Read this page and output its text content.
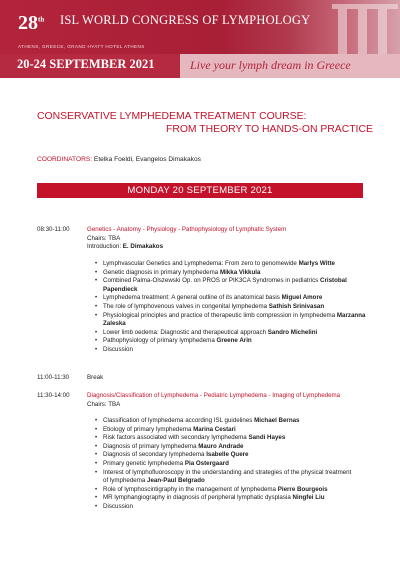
28th ISL WORLD CONGRESS OF LYMPHOLOGY
ATHENS, GREECE, GRAND HYATT HOTEL ATHENS
20-24 SEPTEMBER 2021	Live your lymph dream in Greece
CONSERVATIVE LYMPHEDEMA TREATMENT COURSE:
FROM THEORY TO HANDS-ON PRACTICE
COORDINATORS: Etelka Foeldi, Evangelos Dimakakos
MONDAY 20 SEPTEMBER 2021
08:30-11:00	Genetics - Anatomy - Physiology - Pathophysiology of Lymphatic System
Chairs: TBA
Introduction: E. Dimakakos
• Lymphvascular Genetics and Lymphedema: From zero to genomewide Marlys Witte
• Genetic diagnosis in primary lymphedema Mikka Vikkula
• Combined Palma-Olszewski Op. on PROS or PIK3CA Syndromes in pediatrics Cristobal
Papendieck
• Lymphedema treatment: A general outline of its anatomical basis Miguel Amore
• The role of lymphovenous valves in congenital lymphedema Sathish Srinivasan
• Physiological principles and practice of therapeutic limb compression in lymphedema Marzanna
Zaleska
• Lower limb oedema: Diagnostic and therapeutical approach Sandro Michelini
• Pathophysiology of primary lymphedema Greene Arin
• Discussion
11:00-11:30	Break
11:30-14:00	Diagnosis/Classification of Lymphedema - Pediatric Lymphedema - Imaging of Lymphedema
Chairs: TBA
• Classification of lymphedema according ISL guidelines Michael Bernas
• Etiology of primary lymphedema Marina Cestari
• Risk factors associated with secondary lymphedema Sandi Hayes
• Diagnosis of primary lymphedema Mauro Andrade
• Diagnosis of secondary lymphedema Isabelle Quere
• Primary genetic lymphedema Pia Ostergaard
• Interest of lymphofluoroscopy in the understanding and strategies of the physical treatment
of lymphedema Jean-Paul Belgrado
• Role of lymphoscintigraphy in the management of lymphedema Pierre Bourgeois
• MR lymphangiography in diagnosis of peripheral lymphatic dysplasia Ningfei Liu
• Discussion
